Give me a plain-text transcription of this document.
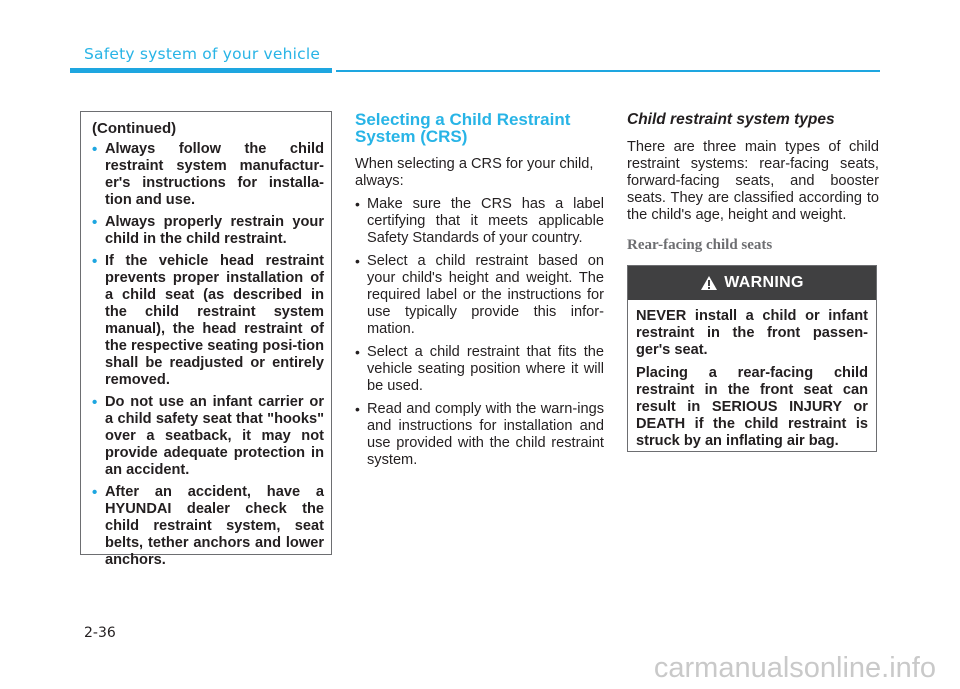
Safety system of your vehicle
(Continued)
• Always follow the child restraint system manufactur-er's instructions for installa-tion and use.
• Always properly restrain your child in the child restraint.
• If the vehicle head restraint prevents proper installation of a child seat (as described in the child restraint system manual), the head restraint of the respective seating posi-tion shall be readjusted or entirely removed.
• Do not use an infant carrier or a child safety seat that "hooks" over a seatback, it may not provide adequate protection in an accident.
• After an accident, have a HYUNDAI dealer check the child restraint system, seat belts, tether anchors and lower anchors.
Selecting a Child Restraint System (CRS)
When selecting a CRS for your child, always:
• Make sure the CRS has a label certifying that it meets applicable Safety Standards of your country.
• Select a child restraint based on your child's height and weight. The required label or the instructions for use typically provide this infor-mation.
• Select a child restraint that fits the vehicle seating position where it will be used.
• Read and comply with the warn-ings and instructions for installation and use provided with the child restraint system.
Child restraint system types
There are three main types of child restraint systems: rear-facing seats, forward-facing seats, and booster seats. They are classified according to the child's age, height and weight.
Rear-facing child seats
WARNING

NEVER install a child or infant restraint in the front passen-ger's seat.

Placing a rear-facing child restraint in the front seat can result in SERIOUS INJURY or DEATH if the child restraint is struck by an inflating air bag.

2-36
carmanualsonline.info
